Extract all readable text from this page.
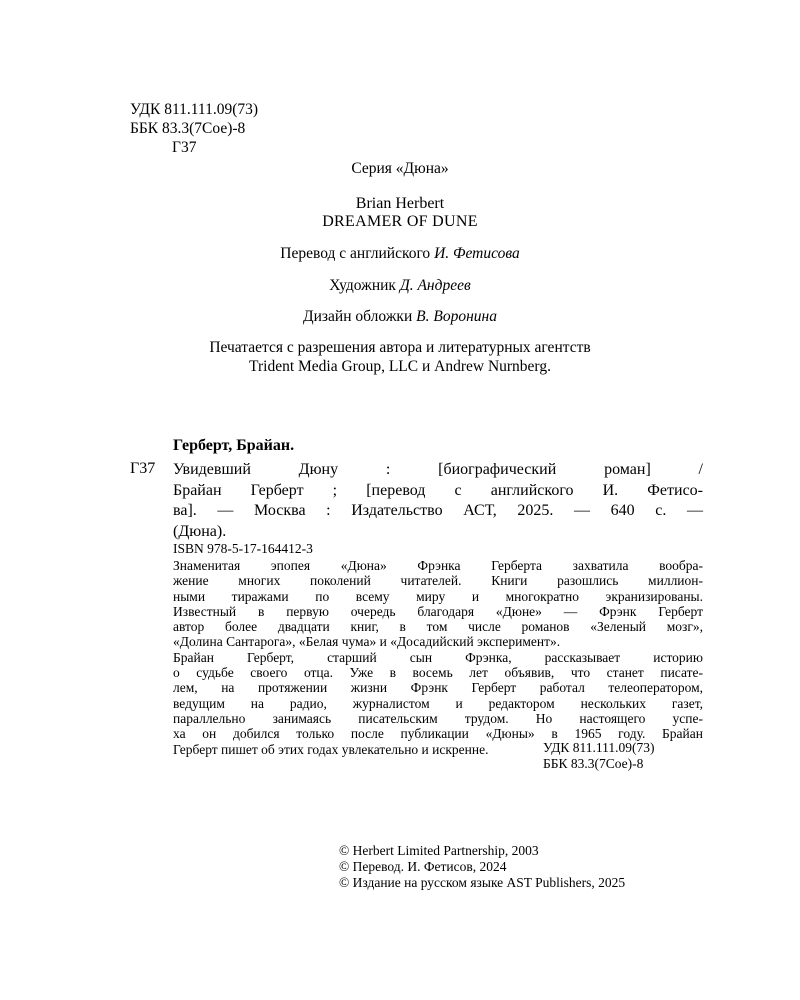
УДК 811.111.09(73)
ББК 83.3(7Сое)-8
Г37
Серия «Дюна»
Brian Herbert
DREAMER OF DUNE
Перевод с английского И. Фетисова
Художник Д. Андреев
Дизайн обложки В. Воронина
Печатается с разрешения автора и литературных агентств
Trident Media Group, LLC и Andrew Nurnberg.
Герберт, Брайан.
Г37 Увидевший Дюну : [биографический роман] /
Брайан Герберт ; [перевод с английского И. Фетисо-
ва]. — Москва : Издательство АСТ, 2025. — 640 с. —
(Дюна).
ISBN 978-5-17-164412-3
Знаменитая эпопея «Дюна» Фрэнка Герберта захватила вообра-
жение многих поколений читателей. Книги разошлись миллион-
ными тиражами по всему миру и многократно экранизированы.
Известный в первую очередь благодаря «Дюне» — Фрэнк Герберт
автор более двадцати книг, в том числе романов «Зеленый мозг»,
«Долина Сантарога», «Белая чума» и «Досадийский эксперимент».
Брайан Герберт, старший сын Фрэнка, рассказывает историю
о судьбе своего отца. Уже в восемь лет объявив, что станет писате-
лем, на протяжении жизни Фрэнк Герберт работал телеоператором,
ведущим на радио, журналистом и редактором нескольких газет,
параллельно занимаясь писательским трудом. Но настоящего успе-
ха он добился только после публикации «Дюны» в 1965 году. Брайан
Герберт пишет об этих годах увлекательно и искренне.	УДК 811.111.09(73)
ББК 83.3(7Сое)-8
© Herbert Limited Partnership, 2003
© Перевод. И. Фетисов, 2024
© Издание на русском языке AST Publishers, 2025
